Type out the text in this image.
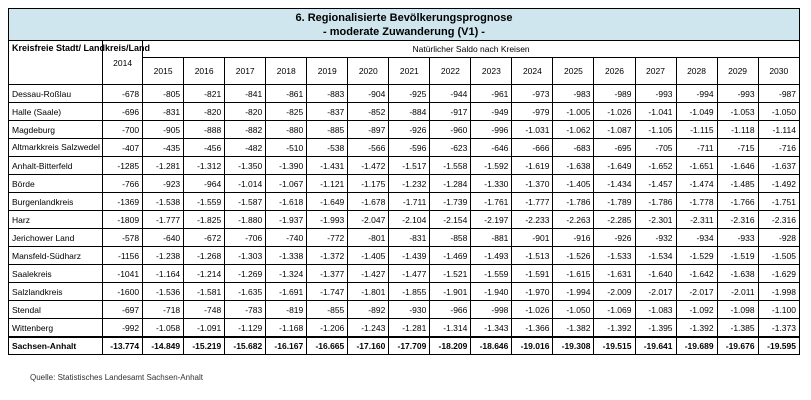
6. Regionalisierte Bevölkerungsprognose
- moderate Zuwanderung (V1) -
Kreisfreie Stadt/ Landkreis/Land	2014	Natürlicher Saldo nach Kreisen															
		2015	2016	2017	2018	2019	2020	2021	2022	2023	2024	2025	2026	2027	2028	2029	2030
Dessau-Roßlau	-678	-805	-821	-841	-861	-883	-904	-925	-944	-961	-973	-983	-989	-993	-994	-993	-987
Halle (Saale)	-696	-831	-820	-820	-825	-837	-852	-884	-917	-949	-979	-1.005	-1.026	-1.041	-1.049	-1.053	-1.050
Magdeburg	-700	-905	-888	-882	-880	-885	-897	-926	-960	-996	-1.031	-1.062	-1.087	-1.105	-1.115	-1.118	-1.114
Altmarkkreis Salzwedel	-407	-435	-456	-482	-510	-538	-566	-596	-623	-646	-666	-683	-695	-705	-711	-715	-716
Anhalt-Bitterfeld	-1285	-1.281	-1.312	-1.350	-1.390	-1.431	-1.472	-1.517	-1.558	-1.592	-1.619	-1.638	-1.649	-1.652	-1.651	-1.646	-1.637
Börde	-766	-923	-964	-1.014	-1.067	-1.121	-1.175	-1.232	-1.284	-1.330	-1.370	-1.405	-1.434	-1.457	-1.474	-1.485	-1.492
Burgenlandkreis	-1369	-1.538	-1.559	-1.587	-1.618	-1.649	-1.678	-1.711	-1.739	-1.761	-1.777	-1.786	-1.789	-1.786	-1.778	-1.766	-1.751
Harz	-1809	-1.777	-1.825	-1.880	-1.937	-1.993	-2.047	-2.104	-2.154	-2.197	-2.233	-2.263	-2.285	-2.301	-2.311	-2.316	-2.316
Jerichower Land	-578	-640	-672	-706	-740	-772	-801	-831	-858	-881	-901	-916	-926	-932	-934	-933	-928
Mansfeld-Südharz	-1156	-1.238	-1.268	-1.303	-1.338	-1.372	-1.405	-1.439	-1.469	-1.493	-1.513	-1.526	-1.533	-1.534	-1.529	-1.519	-1.505
Saalekreis	-1041	-1.164	-1.214	-1.269	-1.324	-1.377	-1.427	-1.477	-1.521	-1.559	-1.591	-1.615	-1.631	-1.640	-1.642	-1.638	-1.629
Salzlandkreis	-1600	-1.536	-1.581	-1.635	-1.691	-1.747	-1.801	-1.855	-1.901	-1.940	-1.970	-1.994	-2.009	-2.017	-2.017	-2.011	-1.998
Stendal	-697	-718	-748	-783	-819	-855	-892	-930	-966	-998	-1.026	-1.050	-1.069	-1.083	-1.092	-1.098	-1.100
Wittenberg	-992	-1.058	-1.091	-1.129	-1.168	-1.206	-1.243	-1.281	-1.314	-1.343	-1.366	-1.382	-1.392	-1.395	-1.392	-1.385	-1.373
Sachsen-Anhalt	-13.774	-14.849	-15.219	-15.682	-16.167	-16.665	-17.160	-17.709	-18.209	-18.646	-19.016	-19.308	-19.515	-19.641	-19.689	-19.676	-19.595
Quelle: Statistisches Landesamt Sachsen-Anhalt
